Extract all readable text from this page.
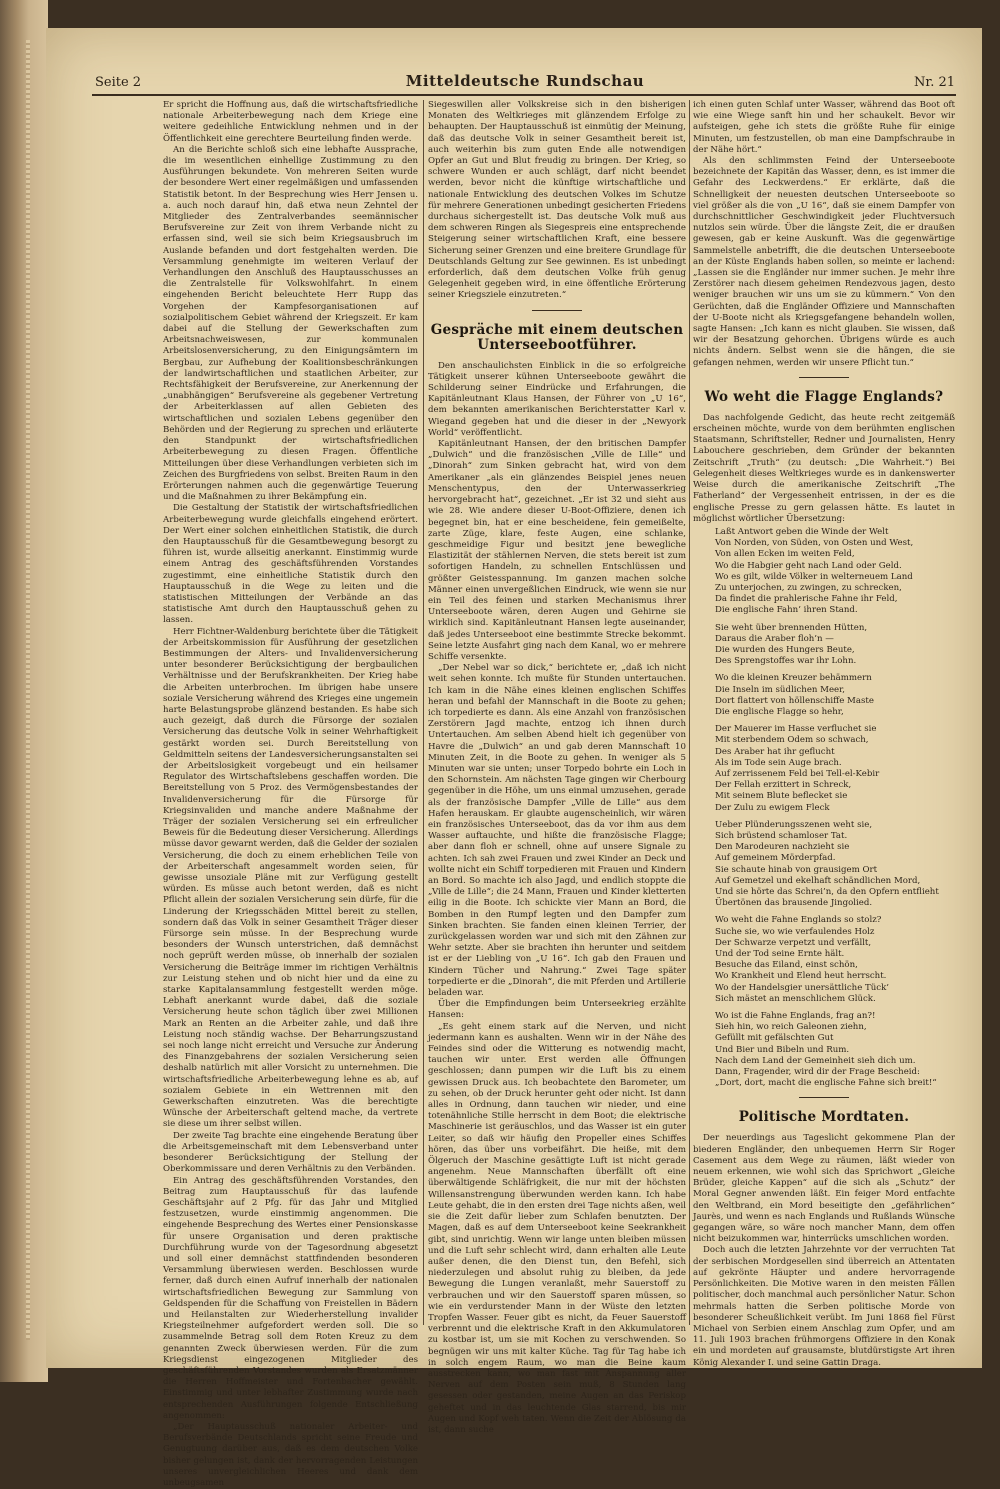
Seite 2	Mitteldeutsche Rundschau	Nr. 21

Er spricht die Hoffnung aus, daß die wirtschaftsfriedliche nationale Arbeiterbewegung nach dem Kriege eine weitere gedeihliche Entwicklung nehmen und in der Öffentlichkeit eine gerechtere Beurteilung finden werde.

An die Berichte schloß sich eine lebhafte Aussprache, die im wesentlichen einhellige Zustimmung zu den Ausführungen bekundete. Von mehreren Seiten wurde der besondere Wert einer regelmäßigen und umfassenden Statistik betont. In der Besprechung wies Herr Jensen u. a. auch noch darauf hin, daß etwa neun Zehntel der Mitglieder des Zentralverbandes seemännischer Berufsvereine zur Zeit von ihrem Verbande nicht zu erfassen sind, weil sie sich beim Kriegsausbruch im Auslande befanden und dort festgehalten werden. Die Versammlung genehmigte im weiteren Verlauf der Verhandlungen den Anschluß des Hauptausschusses an die Zentralstelle für Volkswohlfahrt. In einem eingehenden Bericht beleuchtete Herr Rupp das Vorgehen der Kampfesorganisationen auf sozialpolitischem Gebiet während der Kriegszeit. Er kam dabei auf die Stellung der Gewerkschaften zum Arbeitsnachweiswesen, zur kommunalen Arbeitslosenversicherung, zu den Einigungsämtern im Bergbau, zur Aufhebung der Koalitionsbeschränkungen der landwirtschaftlichen und staatlichen Arbeiter, zur Rechtsfähigkeit der Berufsvereine, zur Anerkennung der „unabhängigen“ Berufsvereine als gegebener Vertretung der Arbeiterklassen auf allen Gebieten des wirtschaftlichen und sozialen Lebens gegenüber den Behörden und der Regierung zu sprechen und erläuterte den Standpunkt der wirtschaftsfriedlichen Arbeiterbewegung zu diesen Fragen. Öffentliche Mitteilungen über diese Verhandlungen verbieten sich im Zeichen des Burgfriedens von selbst. Breiten Raum in den Erörterungen nahmen auch die gegenwärtige Teuerung und die Maßnahmen zu ihrer Bekämpfung ein.

Die Gestaltung der Statistik der wirtschaftsfriedlichen Arbeiterbewegung wurde gleichfalls eingehend erörtert. Der Wert einer solchen einheitlichen Statistik, die durch den Hauptausschuß für die Gesamtbewegung besorgt zu führen ist, wurde allseitig anerkannt. Einstimmig wurde einem Antrag des geschäftsführenden Vorstandes zugestimmt, eine einheitliche Statistik durch den Hauptausschuß in die Wege zu leiten und die statistischen Mitteilungen der Verbände an das statistische Amt durch den Hauptausschuß gehen zu lassen.

Herr Fichtner-Waldenburg berichtete über die Tätigkeit der Arbeitskommission für Ausführung der gesetzlichen Bestimmungen der Alters- und Invalidenversicherung unter besonderer Berücksichtigung der bergbaulichen Verhältnisse und der Berufskrankheiten. Der Krieg habe die Arbeiten unterbrochen. Im übrigen habe unsere soziale Versicherung während des Krieges eine ungemein harte Belastungsprobe glänzend bestanden. Es habe sich auch gezeigt, daß durch die Fürsorge der sozialen Versicherung das deutsche Volk in seiner Wehrhaftigkeit gestärkt worden sei. Durch Bereitstellung von Geldmitteln seitens der Landesversicherungsanstalten sei der Arbeitslosigkeit vorgebeugt und ein heilsamer Regulator des Wirtschaftslebens geschaffen worden. Die Bereitstellung von 5 Proz. des Vermögensbestandes der Invalidenversicherung für die Fürsorge für Kriegsinvaliden und manche andere Maßnahme der Träger der sozialen Versicherung sei ein erfreulicher Beweis für die Bedeutung dieser Versicherung. Allerdings müsse davor gewarnt werden, daß die Gelder der sozialen Versicherung, die doch zu einem erheblichen Teile von der Arbeiterschaft angesammelt worden seien, für gewisse unsoziale Pläne mit zur Verfügung gestellt würden. Es müsse auch betont werden, daß es nicht Pflicht allein der sozialen Versicherung sein dürfe, für die Linderung der Kriegsschäden Mittel bereit zu stellen, sondern daß das Volk in seiner Gesamtheit Träger dieser Fürsorge sein müsse. In der Besprechung wurde besonders der Wunsch unterstrichen, daß demnächst noch geprüft werden müsse, ob innerhalb der sozialen Versicherung die Beiträge immer im richtigen Verhältnis zur Leistung stehen und ob nicht hier und da eine zu starke Kapitalansammlung festgestellt werden möge. Lebhaft anerkannt wurde dabei, daß die soziale Versicherung heute schon täglich über zwei Millionen Mark an Renten an die Arbeiter zahle, und daß ihre Leistung noch ständig wachse. Der Beharrungszustand sei noch lange nicht erreicht und Versuche zur Änderung des Finanzgebahrens der sozialen Versicherung seien deshalb natürlich mit aller Vorsicht zu unternehmen. Die wirtschaftsfriedliche Arbeiterbewegung lehne es ab, auf sozialem Gebiete in ein Wettrennen mit den Gewerkschaften einzutreten. Was die berechtigte Wünsche der Arbeiterschaft geltend mache, da vertrete sie diese um ihrer selbst willen.

Der zweite Tag brachte eine eingehende Beratung über die Arbeitsgemeinschaft mit dem Lebensverband unter besonderer Berücksichtigung der Stellung der Oberkommissare und deren Verhältnis zu den Verbänden.

Ein Antrag des geschäftsführenden Vorstandes, den Beitrag zum Hauptausschuß für das laufende Geschäftsjahr auf 2 Pfg. für das Jahr und Mitglied festzusetzen, wurde einstimmig angenommen. Die eingehende Besprechung des Wertes einer Pensionskasse für unsere Organisation und deren praktische Durchführung wurde von der Tagesordnung abgesetzt und soll einer demnächst stattfindenden besonderen Versammlung überwiesen werden. Beschlossen wurde ferner, daß durch einen Aufruf innerhalb der nationalen wirtschaftsfriedlichen Bewegung zur Sammlung von Geldspenden für die Schaffung von Freistellen in Bädern und Heilanstalten zur Wiederherstellung invalider Kriegsteilnehmer aufgefordert werden soll. Die so zusammelnde Betrag soll dem Roten Kreuz zu dem genannten Zweck überwiesen werden. Für die zum Kriegsdienst eingezogenen Mitglieder des geschäftsführenden Vorstandes wurden als Ersatzmänner die Herren Hoffmeister und Fortenbacher gewählt. Einstimmig und unter lebhafter Zustimmung wurde nach entsprechenden Ausführungen folgende Entschließung angenommen:

„Der Hauptausschuß nationaler Arbeiter- und Berufsverbände Deutschlands spricht seine Freude und Genugtuung darüber aus, daß es dem deutschen Volke bisher gelungen ist, dank der hervorragenden Leistungen unseres unvergleichlichen Heeres und dank dem unbeugsamen

Siegeswillen aller Volkskreise sich in den bisherigen Monaten des Weltkrieges mit glänzendem Erfolge zu behaupten. Der Hauptausschuß ist einmütig der Meinung, daß das deutsche Volk in seiner Gesamtheit bereit ist, auch weiterhin bis zum guten Ende alle notwendigen Opfer an Gut und Blut freudig zu bringen. Der Krieg, so schwere Wunden er auch schlägt, darf nicht beendet werden, bevor nicht die künftige wirtschaftliche und nationale Entwicklung des deutschen Volkes im Schutze für mehrere Generationen unbedingt gesicherten Friedens durchaus sichergestellt ist. Das deutsche Volk muß aus dem schweren Ringen als Siegespreis eine entsprechende Steigerung seiner wirtschaftlichen Kraft, eine bessere Sicherung seiner Grenzen und eine breitere Grundlage für Deutschlands Geltung zur See gewinnen. Es ist unbedingt erforderlich, daß dem deutschen Volke früh genug Gelegenheit gegeben wird, in eine öffentliche Erörterung seiner Kriegsziele einzutreten.“

Gespräche mit einem deutschen Unterseebootführer.

Den anschaulichsten Einblick in die so erfolgreiche Tätigkeit unserer kühnen Unterseeboote gewährt die Schilderung seiner Eindrücke und Erfahrungen, die Kapitänleutnant Klaus Hansen, der Führer von „U 16“, dem bekannten amerikanischen Berichterstatter Karl v. Wiegand gegeben hat und die dieser in der „Newyork World“ veröffentlicht.

Kapitänleutnant Hansen, der den britischen Dampfer „Dulwich“ und die französischen „Ville de Lille“ und „Dinorah“ zum Sinken gebracht hat, wird von dem Amerikaner „als ein glänzendes Beispiel jenes neuen Menschentypus, den der Unterwasserkrieg hervorgebracht hat“, gezeichnet. „Er ist 32 und sieht aus wie 28. Wie andere dieser U-Boot-Offiziere, denen ich begegnet bin, hat er eine bescheidene, fein gemeißelte, zarte Züge, klare, feste Augen, eine schlanke, geschmeidige Figur und besitzt jene bewegliche Elastizität der stählernen Nerven, die stets bereit ist zum sofortigen Handeln, zu schnellen Entschlüssen und größter Geistesspannung. Im ganzen machen solche Männer einen unvergeßlichen Eindruck, wie wenn sie nur ein Teil des feinen und starken Mechanismus ihrer Unterseeboote wären, deren Augen und Gehirne sie wirklich sind. Kapitänleutnant Hansen legte auseinander, daß jedes Unterseeboot eine bestimmte Strecke bekommt. Seine letzte Ausfahrt ging nach dem Kanal, wo er mehrere Schiffe versenkte.

„Der Nebel war so dick,“ berichtete er, „daß ich nicht weit sehen konnte. Ich mußte für Stunden untertauchen. Ich kam in die Nähe eines kleinen englischen Schiffes heran und befahl der Mannschaft in die Boote zu gehen; ich torpedierte es dann. Als eine Anzahl von französischen Zerstörern Jagd machte, entzog ich ihnen durch Untertauchen. Am selben Abend hielt ich gegenüber von Havre die „Dulwich“ an und gab deren Mannschaft 10 Minuten Zeit, in die Boote zu gehen. In weniger als 5 Minuten war sie unten; unser Torpedo bohrte ein Loch in den Schornstein. Am nächsten Tage gingen wir Cherbourg gegenüber in die Höhe, um uns einmal umzusehen, gerade als der französische Dampfer „Ville de Lille“ aus dem Hafen herauskam. Er glaubte augenscheinlich, wir wären ein französisches Unterseeboot, das da vor ihm aus dem Wasser auftauchte, und hißte die französische Flagge; aber dann floh er schnell, ohne auf unsere Signale zu achten. Ich sah zwei Frauen und zwei Kinder an Deck und wollte nicht ein Schiff torpedieren mit Frauen und Kindern an Bord. So machte ich also Jagd, und endlich stoppte die „Ville de Lille“; die 24 Mann, Frauen und Kinder kletterten eilig in die Boote. Ich schickte vier Mann an Bord, die Bomben in den Rumpf legten und den Dampfer zum Sinken brachten. Sie fanden einen kleinen Terrier, der zurückgelassen worden war und sich mit den Zähnen zur Wehr setzte. Aber sie brachten ihn herunter und seitdem ist er der Liebling von „U 16“. Ich gab den Frauen und Kindern Tücher und Nahrung.“ Zwei Tage später torpedierte er die „Dinorah“, die mit Pferden und Artillerie beladen war.

Über die Empfindungen beim Unterseekrieg erzählte Hansen:

„Es geht einem stark auf die Nerven, und nicht jedermann kann es aushalten. Wenn wir in der Nähe des Feindes sind oder die Witterung es notwendig macht, tauchen wir unter. Erst werden alle Öffnungen geschlossen; dann pumpen wir die Luft bis zu einem gewissen Druck aus. Ich beobachtete den Barometer, um zu sehen, ob der Druck herunter geht oder nicht. Ist dann alles in Ordnung, dann tauchen wir nieder, und eine totenähnliche Stille herrscht in dem Boot; die elektrische Maschinerie ist geräuschlos, und das Wasser ist ein guter Leiter, so daß wir häufig den Propeller eines Schiffes hören, das über uns vorbeifährt. Die heiße, mit dem Ölgeruch der Maschine gesättigte Luft ist nicht gerade angenehm. Neue Mannschaften überfällt oft eine überwältigende Schläfrigkeit, die nur mit der höchsten Willensanstrengung überwunden werden kann. Ich habe Leute gehabt, die in den ersten drei Tage nichts aßen, weil sie die Zeit dafür lieber zum Schlafen benutzten. Der Magen, daß es auf dem Unterseeboot keine Seekrankheit gibt, sind unrichtig. Wenn wir lange unten bleiben müssen und die Luft sehr schlecht wird, dann erhalten alle Leute außer denen, die den Dienst tun, den Befehl, sich niederzulegen und absolut ruhig zu bleiben, da jede Bewegung die Lungen veranlaßt, mehr Sauerstoff zu verbrauchen und wir den Sauerstoff sparen müssen, so wie ein verdurstender Mann in der Wüste den letzten Tropfen Wasser. Feuer gibt es nicht, da Feuer Sauerstoff verbrennt und die elektrische Kraft in den Akkumulatoren zu kostbar ist, um sie mit Kochen zu verschwenden. So begnügen wir uns mit kalter Küche. Tag für Tag habe ich in solch engem Raum, wo man die Beine kaum ausstrecken kann, wo man fast mit Anspannung aller Nerven auf dem Posten sein muß, 8 Stunden lang gesessen oder gestanden, meine Augen an das Periskop geheftet und in das leuchtende Glas starrend, bis mir Augen und Kopf weh taten. Wenn die Zeit der Ablösung da ist, dann suche

ich einen guten Schlaf unter Wasser, während das Boot oft wie eine Wiege sanft hin und her schaukelt. Bevor wir aufsteigen, gehe ich stets die größte Ruhe für einige Minuten, um festzustellen, ob man eine Dampfschraube in der Nähe hört.“

Als den schlimmsten Feind der Unterseeboote bezeichnete der Kapitän das Wasser, denn, es ist immer die Gefahr des Leckwerdens.“ Er erklärte, daß die Schnelligkeit der neuesten deutschen Unterseeboote so viel größer als die von „U 16“, daß sie einem Dampfer von durchschnittlicher Geschwindigkeit jeder Fluchtversuch nutzlos sein würde. Über die längste Zeit, die er draußen gewesen, gab er keine Auskunft. Was die gegenwärtige Sammelstelle anbetrifft, die die deutschen Unterseeboote an der Küste Englands haben sollen, so meinte er lachend: „Lassen sie die Engländer nur immer suchen. Je mehr ihre Zerstörer nach diesem geheimen Rendezvous jagen, desto weniger brauchen wir uns um sie zu kümmern.“ Von den Gerüchten, daß die Engländer Offiziere und Mannschaften der U-Boote nicht als Kriegsgefangene behandeln wollen, sagte Hansen: „Ich kann es nicht glauben. Sie wissen, daß wir der Besatzung gehorchen. Übrigens würde es auch nichts ändern. Selbst wenn sie die hängen, die sie gefangen nehmen, werden wir unsere Pflicht tun.“

Wo weht die Flagge Englands?

Das nachfolgende Gedicht, das heute recht zeitgemäß erscheinen möchte, wurde von dem berühmten englischen Staatsmann, Schriftsteller, Redner und Journalisten, Henry Labouchere geschrieben, dem Gründer der bekannten Zeitschrift „Truth“ (zu deutsch: „Die Wahrheit.“) Bei Gelegenheit dieses Weltkrieges wurde es in dankenswerter Weise durch die amerikanische Zeitschrift „The Fatherland“ der Vergessenheit entrissen, in der es die englische Presse zu gern gelassen hätte. Es lautet in möglichst wörtlicher Übersetzung:

Laßt Antwort geben die Winde der Welt
Von Norden, von Süden, von Osten und West,
Von allen Ecken im weiten Feld,
Wo die Habgier geht nach Land oder Geld.
Wo es gilt, wilde Völker in welterneuem Land
Zu unterjochen, zu zwingen, zu schrecken,
Da findet die prahlerische Fahne ihr Feld,
Die englische Fahn’ ihren Stand.
Sie weht über brennenden Hütten,
Daraus die Araber floh’n —
Die wurden des Hungers Beute,
Des Sprengstoffes war ihr Lohn.
Wo die kleinen Kreuzer behämmern
Die Inseln im südlichen Meer,
Dort flattert von höllenschiffe Maste
Die englische Flagge so hehr,
Der Mauerer im Hasse verfluchet sie
Mit sterbendem Odem so schwach,
Des Araber hat ihr geflucht
Als im Tode sein Auge brach.
Auf zerrissenem Feld bei Tell-el-Kebir
Der Fellah erzittert in Schreck,
Mit seinem Blute beflecket sie
Der Zulu zu ewigem Fleck
Ueber Plünderungsszenen weht sie,
Sich brüstend schamloser Tat.
Den Marodeuren nachzieht sie
Auf gemeinem Mörderpfad.
Sie schaute hinab von grausigem Ort
Auf Gemetzel und ekelhaft schändlichen Mord,
Und sie hörte das Schrei’n, da den Opfern entflieht
Übertönen das brausende Jingolied.
Wo weht die Fahne Englands so stolz?
Suche sie, wo wie verfaulendes Holz
Der Schwarze verpetzt und verfällt,
Und der Tod seine Ernte hält.
Besuche das Eiland, einst schön,
Wo Krankheit und Elend heut herrscht.
Wo der Handelsgier unersättliche Tück’
Sich mästet an menschlichem Glück.
Wo ist die Fahne Englands, frag an?!
Sieh hin, wo reich Galeonen ziehn,
Gefüllt mit gefälschten Gut
Und Bier und Bibeln und Rum.
Nach dem Land der Gemeinheit sieh dich um.
Dann, Fragender, wird dir der Frage Bescheid:
„Dort, dort, macht die englische Fahne sich breit!“
Politische Mordtaten.

Der neuerdings aus Tageslicht gekommene Plan der biederen Engländer, den unbequemen Herrn Sir Roger Casement aus dem Wege zu räumen, läßt wieder von neuem erkennen, wie wohl sich das Sprichwort „Gleiche Brüder, gleiche Kappen“ auf die sich als „Schutz“ der Moral Gegner anwenden läßt. Ein feiger Mord entfachte den Weltbrand, ein Mord beseitigte den „gefährlichen“ Jaurès, und wenn es nach Englands und Rußlands Wünsche gegangen wäre, so wäre noch mancher Mann, dem offen nicht beizukommen war, hinterrücks umschlichen worden.

Doch auch die letzten Jahrzehnte vor der verruchten Tat der serbischen Mordgesellen sind überreich an Attentaten auf gekrönte Häupter und andere hervorragende Persönlichkeiten. Die Motive waren in den meisten Fällen politischer, doch manchmal auch persönlicher Natur. Schon mehrmals hatten die Serben politische Morde von besonderer Scheußlichkeit verübt. Im Juni 1868 fiel Fürst Michael von Serbien einem Anschlag zum Opfer, und am 11. Juli 1903 brachen frühmorgens Offiziere in den Konak ein und mordeten auf grausamste, blutdürstigste Art ihren König Alexander I. und seine Gattin Draga.
